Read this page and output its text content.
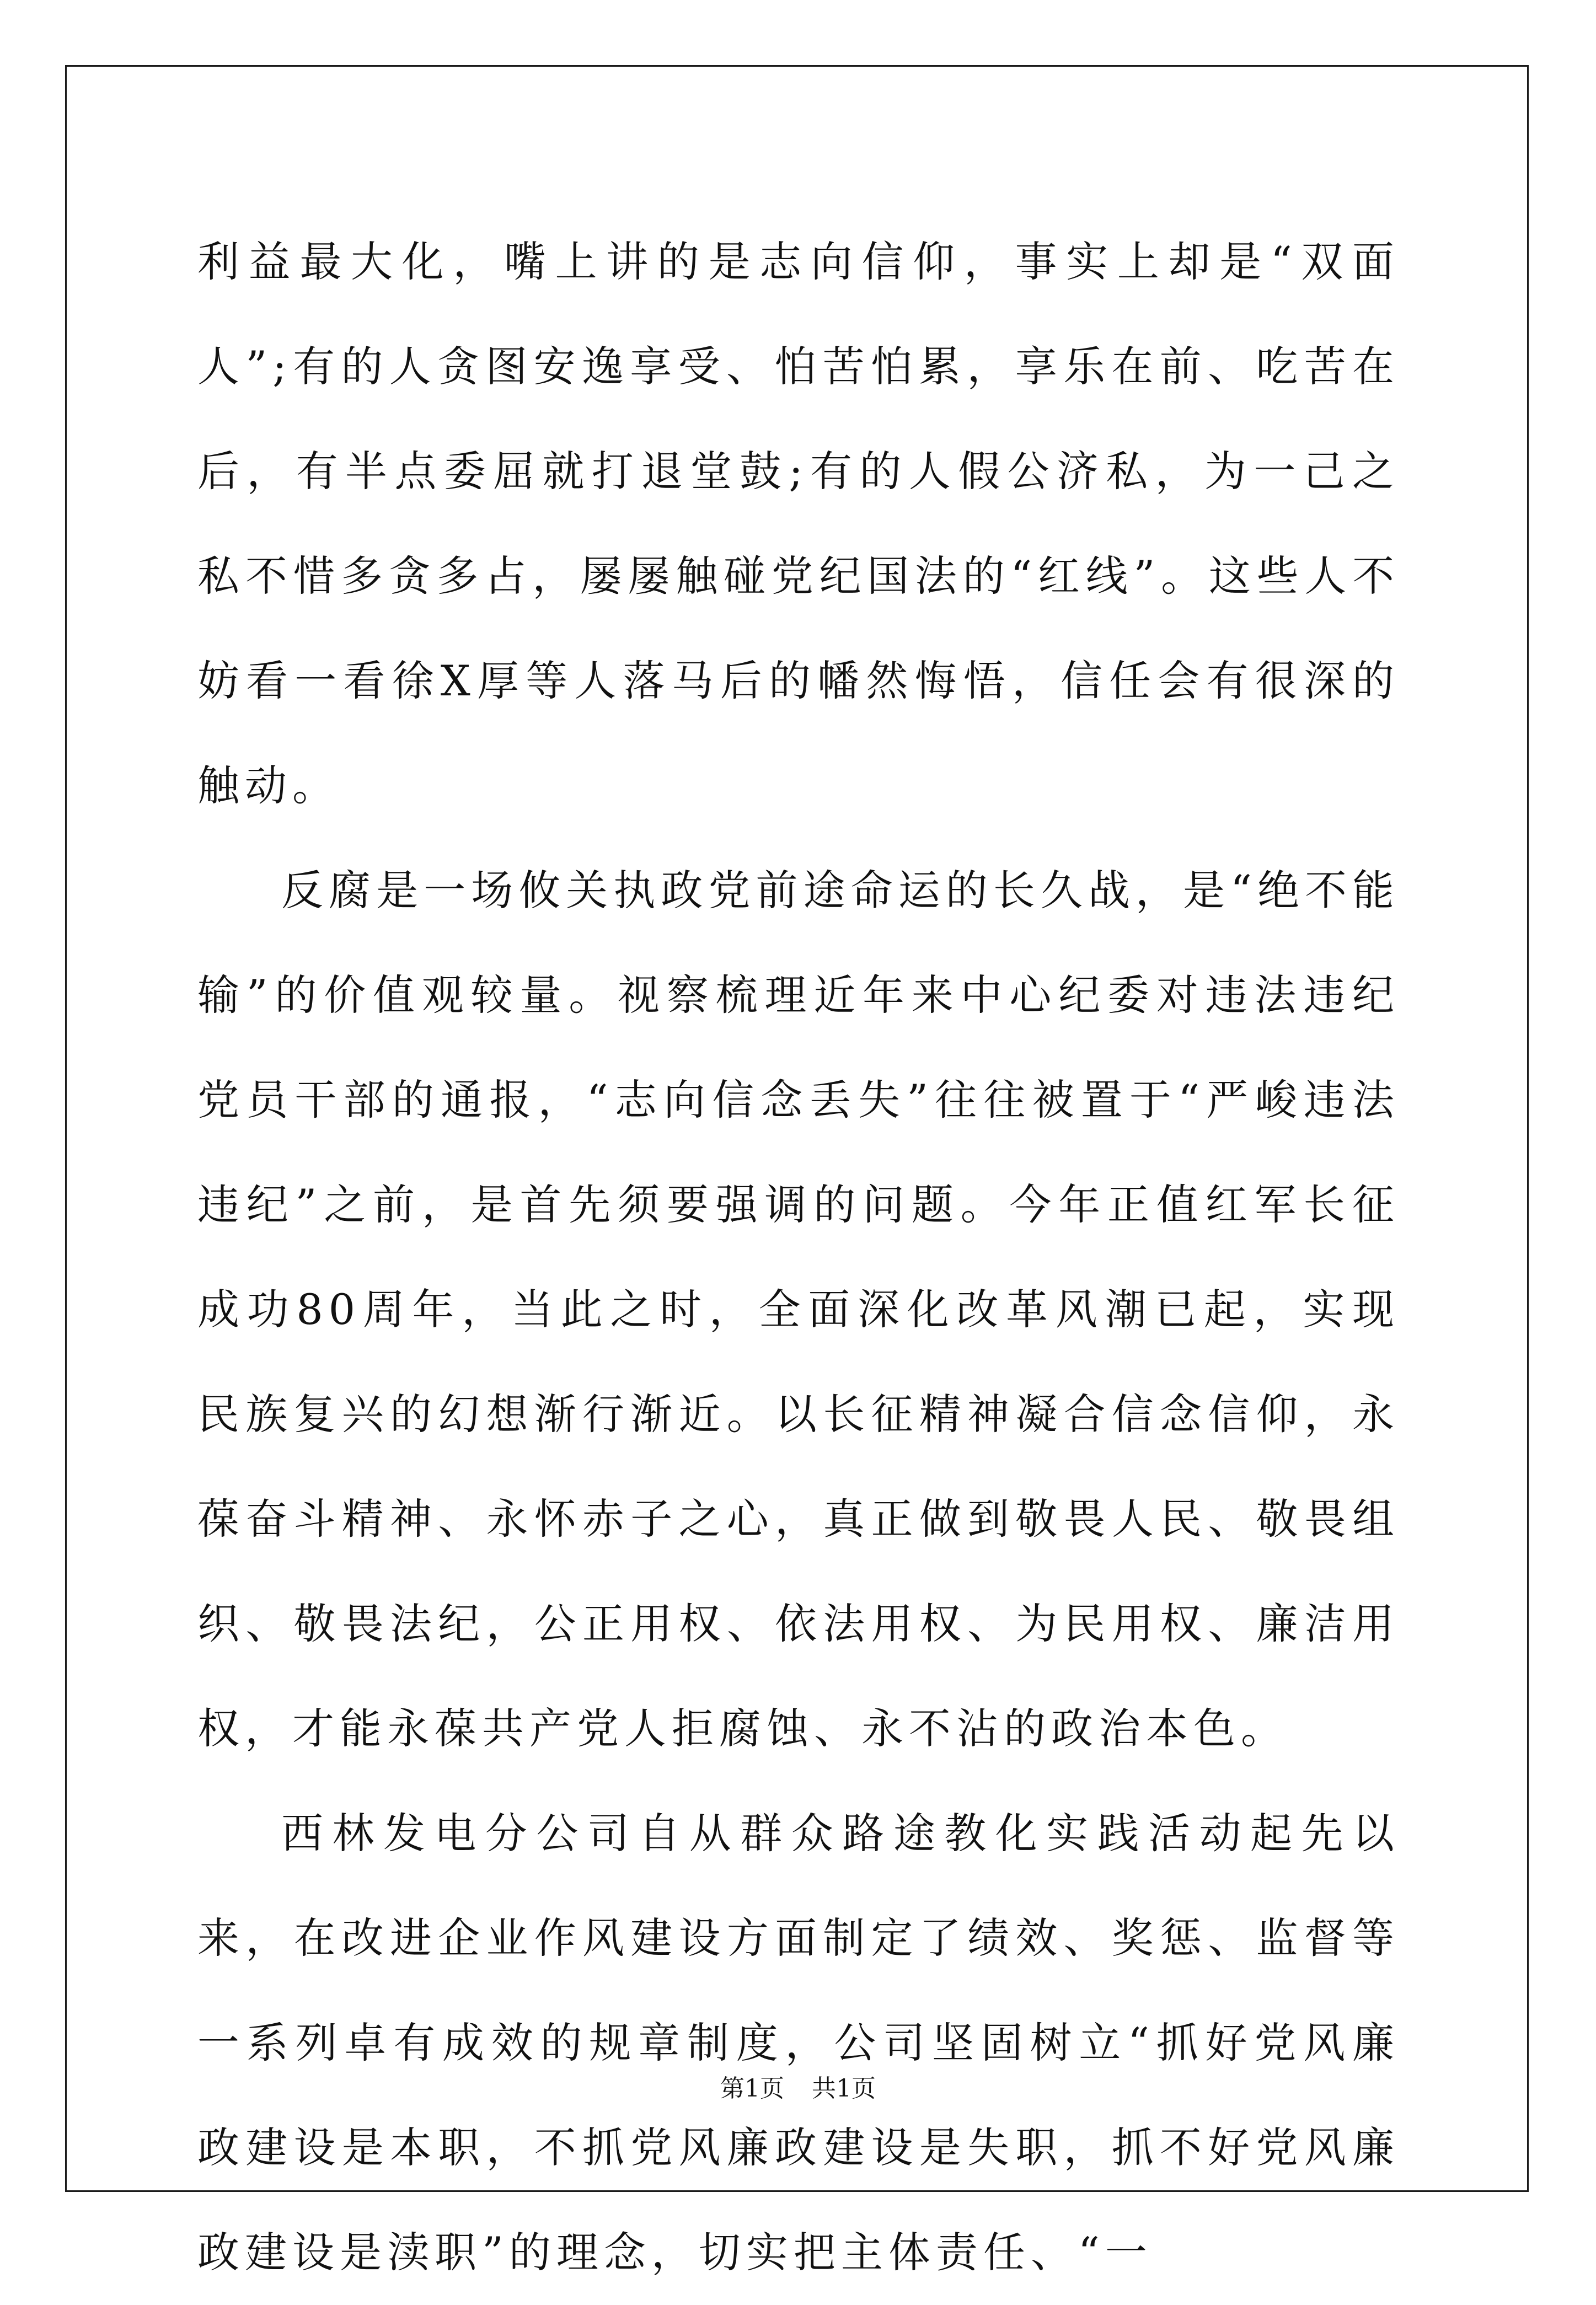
利益最大化，嘴上讲的是志向信仰，事实上却是“双面人”;有的人贪图安逸享受、怕苦怕累，享乐在前、吃苦在后，有半点委屈就打退堂鼓;有的人假公济私，为一己之私不惜多贪多占，屡屡触碰党纪国法的“红线”。这些人不妨看一看徐X厚等人落马后的幡然悔悟，信任会有很深的触动。

反腐是一场攸关执政党前途命运的长久战，是“绝不能输”的价值观较量。视察梳理近年来中心纪委对违法违纪党员干部的通报，“志向信念丢失”往往被置于“严峻违法违纪”之前，是首先须要强调的问题。今年正值红军长征成功80周年，当此之时，全面深化改革风潮已起，实现民族复兴的幻想渐行渐近。以长征精神凝合信念信仰，永葆奋斗精神、永怀赤子之心，真正做到敬畏人民、敬畏组织、敬畏法纪，公正用权、依法用权、为民用权、廉洁用权，才能永葆共产党人拒腐蚀、永不沾的政治本色。

西林发电分公司自从群众路途教化实践活动起先以来，在改进企业作风建设方面制定了绩效、奖惩、监督等一系列卓有成效的规章制度，公司坚固树立“抓好党风廉政建设是本职，不抓党风廉政建设是失职，抓不好党风廉政建设是渎职”的理念，切实把主体责任、“一

第1页 共1页
